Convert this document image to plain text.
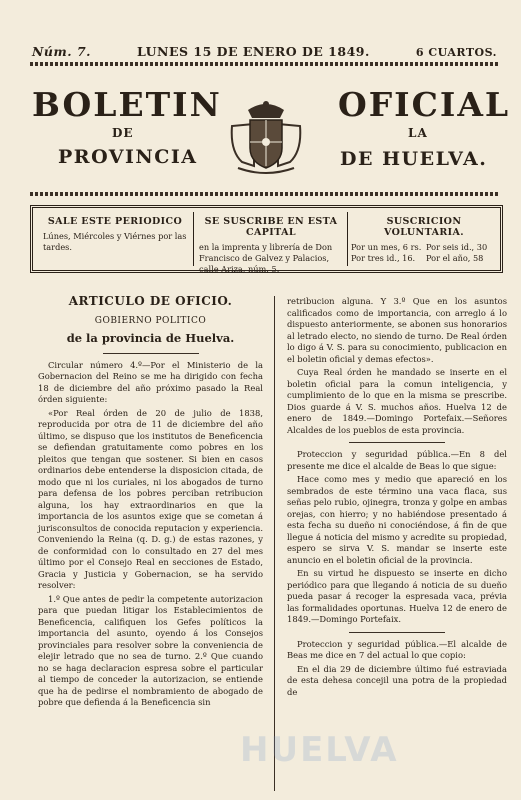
Núm. 7.	LUNES 15 DE ENERO DE 1849.	6 CUARTOS.
BOLETIN	OFICIAL
DE	LA
PROVINCIA	DE HUELVA.
SALE ESTE PERIODICO
Lúnes, Miércoles y Viérnes por las tardes.
SE SUSCRIBE EN ESTA CAPITAL
en la imprenta y librería de Don Francisco de Galvez y Palacios, calle Ariza, núm. 5.
SUSCRICION VOLUNTARIA.
Por un mes, 6 rs. Por seis id., 30
Por tres id., 16.	Por el año, 58
ARTICULO DE OFICIO.
GOBIERNO POLITICO
de la provincia de Huelva.

Circular número 4.º—Por el Ministerio de la Gobernacion del Reino se me ha dirigido con fecha 18 de diciembre del año próximo pasado la Real órden siguiente:

«Por Real órden de 20 de julio de 1838, reproducida por otra de 11 de diciembre del año último, se dispuso que los institutos de Beneficencia se defiendan gratuitamente como pobres en los pleitos que tengan que sostener. Si bien en casos ordinarios debe entenderse la disposicion citada, de modo que ni los curiales, ni los abogados de turno para defensa de los pobres perciban retribucion alguna, los hay extraordinarios en que la importancia de los asuntos exige que se cometan á jurisconsultos de conocida reputacion y experiencia. Conveniendo la Reina (q. D. g.) de estas razones, y de conformidad con lo consultado en 27 del mes último por el Consejo Real en secciones de Estado, Gracia y Justicia y Gobernacion, se ha servido resolver:

1.º Que antes de pedir la competente autorizacion para que puedan litigar los Establecimientos de Beneficencia, califiquen los Gefes políticos la importancia del asunto, oyendo á los Consejos provinciales para resolver sobre la conveniencia de elejir letrado que no sea de turno. 2.º Que cuando no se haga declaracion espresa sobre el particular al tiempo de conceder la autorizacion, se entiende que ha de pedirse el nombramiento de abogado de pobre que defienda á la Beneficencia sin

retribucion alguna. Y 3.º Que en los asuntos calificados como de importancia, con arreglo á lo dispuesto anteriormente, se abonen sus honorarios al letrado electo, no siendo de turno. De Real órden lo digo á V. S. para su conocimiento, publicacion en el boletin oficial y demas efectos».

Cuya Real órden he mandado se inserte en el boletin oficial para la comun inteligencia, y cumplimiento de lo que en la misma se prescribe. Dios guarde á V. S. muchos años. Huelva 12 de enero de 1849.—Domingo Portefaix.—Señores Alcaldes de los pueblos de esta provincia.

Proteccion y seguridad pública.—En 8 del presente me dice el alcalde de Beas lo que sigue:

Hace como mes y medio que apareció en los sembrados de este término una vaca flaca, sus señas pelo rubio, ojinegra, tronza y golpe en ambas orejas, con hierro; y no habiéndose presentado á esta fecha su dueño ni conociéndose, á fin de que llegue á noticia del mismo y acredite su propiedad, espero se sirva V. S. mandar se inserte este anuncio en el boletin oficial de la provincia.

En su virtud he dispuesto se inserte en dicho periódico para que llegando á noticia de su dueño pueda pasar á recoger la espresada vaca, prévia las formalidades oportunas. Huelva 12 de enero de 1849.—Domingo Portefaix.

Proteccion y seguridad pública.—El alcalde de Beas me dice en 7 del actual lo que copio:

En el dia 29 de diciembre último fué estraviada de esta dehesa concejil una potra de la propiedad de

HUELVA
